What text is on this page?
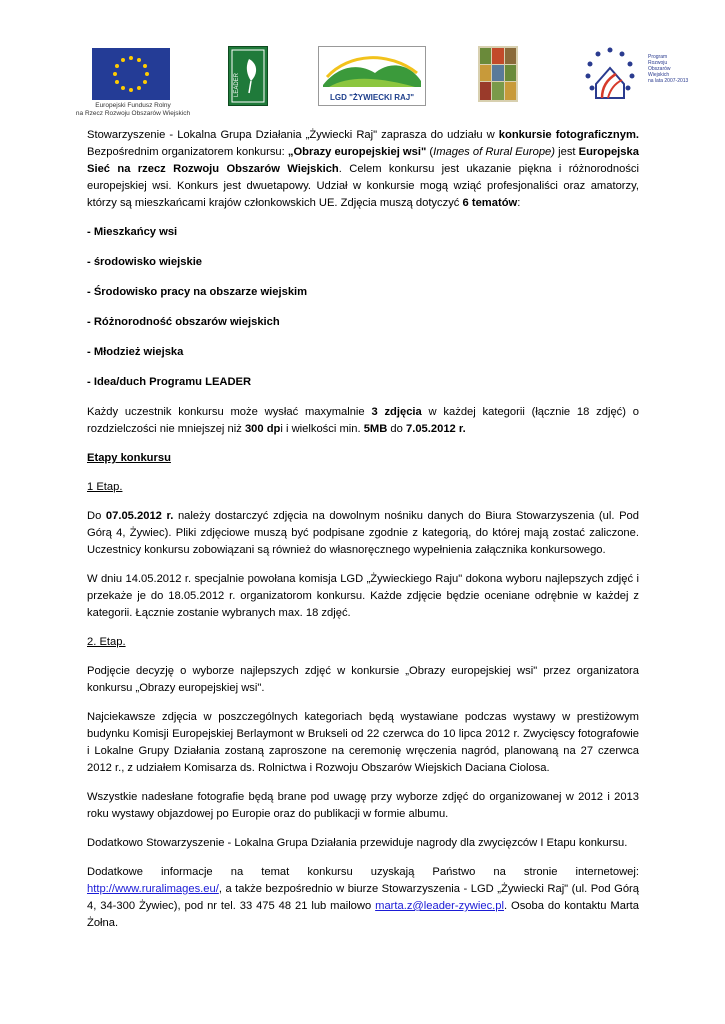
Europejski Fundusz Rolny
na Rzecz Rozwoju Obszarów Wiejskich
LEADER
LGD "ŻYWIECKI RAJ"
Program
Rozwoju
Obszarów
Wiejskich
na lata 2007-2013

Stowarzyszenie - Lokalna Grupa Działania „Żywiecki Raj" zaprasza do udziału w konkursie fotograficznym. Bezpośrednim organizatorem konkursu: „Obrazy europejskiej wsi" (Images of Rural Europe) jest Europejska Sieć na rzecz Rozwoju Obszarów Wiejskich. Celem konkursu jest ukazanie piękna i różnorodności europejskiej wsi. Konkurs jest dwuetapowy. Udział w konkursie mogą wziąć profesjonaliści oraz amatorzy, którzy są mieszkańcami krajów członkowskich UE. Zdjęcia muszą dotyczyć 6 tematów:

- Mieszkańcy wsi

- środowisko wiejskie

- Środowisko pracy na obszarze wiejskim

- Różnorodność obszarów wiejskich

- Młodzież wiejska

- Idea/duch Programu LEADER

Każdy uczestnik konkursu może wysłać maxymalnie 3 zdjęcia w każdej kategorii (łącznie 18 zdjęć) o rozdzielczości nie mniejszej niż 300 dpi i wielkości min. 5MB do 7.05.2012 r.

Etapy konkursu

1 Etap.

Do 07.05.2012 r. należy dostarczyć zdjęcia na dowolnym nośniku danych do Biura Stowarzyszenia (ul. Pod Górą 4, Żywiec). Pliki zdjęciowe muszą być podpisane zgodnie z kategorią, do której mają zostać zaliczone. Uczestnicy konkursu zobowiązani są również do własnoręcznego wypełnienia załącznika konkursowego.

W dniu 14.05.2012 r. specjalnie powołana komisja LGD „Żywieckiego Raju" dokona wyboru najlepszych zdjęć i przekaże je do 18.05.2012 r. organizatorom konkursu. Każde zdjęcie będzie oceniane odrębnie w każdej z kategorii. Łącznie zostanie wybranych max. 18 zdjęć.

2. Etap.

Podjęcie decyzję o wyborze najlepszych zdjęć w konkursie „Obrazy europejskiej wsi" przez organizatora konkursu „Obrazy europejskiej wsi".

Najciekawsze zdjęcia w poszczególnych kategoriach będą wystawiane podczas wystawy w prestiżowym budynku Komisji Europejskiej Berlaymont w Brukseli od 22 czerwca do 10 lipca 2012 r. Zwycięscy fotografowie i Lokalne Grupy Działania zostaną zaproszone na ceremonię wręczenia nagród, planowaną na 27 czerwca 2012 r., z udziałem Komisarza ds. Rolnictwa i Rozwoju Obszarów Wiejskich Daciana Ciolosa.

Wszystkie nadesłane fotografie będą brane pod uwagę przy wyborze zdjęć do organizowanej w 2012 i 2013 roku wystawy objazdowej po Europie oraz do publikacji w formie albumu.

Dodatkowo Stowarzyszenie - Lokalna Grupa Działania przewiduje nagrody dla zwycięzców I Etapu konkursu.

Dodatkowe informacje na temat konkursu uzyskają Państwo na stronie internetowej: http://www.ruralimages.eu/, a także bezpośrednio w biurze Stowarzyszenia - LGD „Żywiecki Raj" (ul. Pod Górą 4, 34-300 Żywiec), pod nr tel. 33 475 48 21 lub mailowo marta.z@leader-zywiec.pl. Osoba do kontaktu Marta Żołna.
